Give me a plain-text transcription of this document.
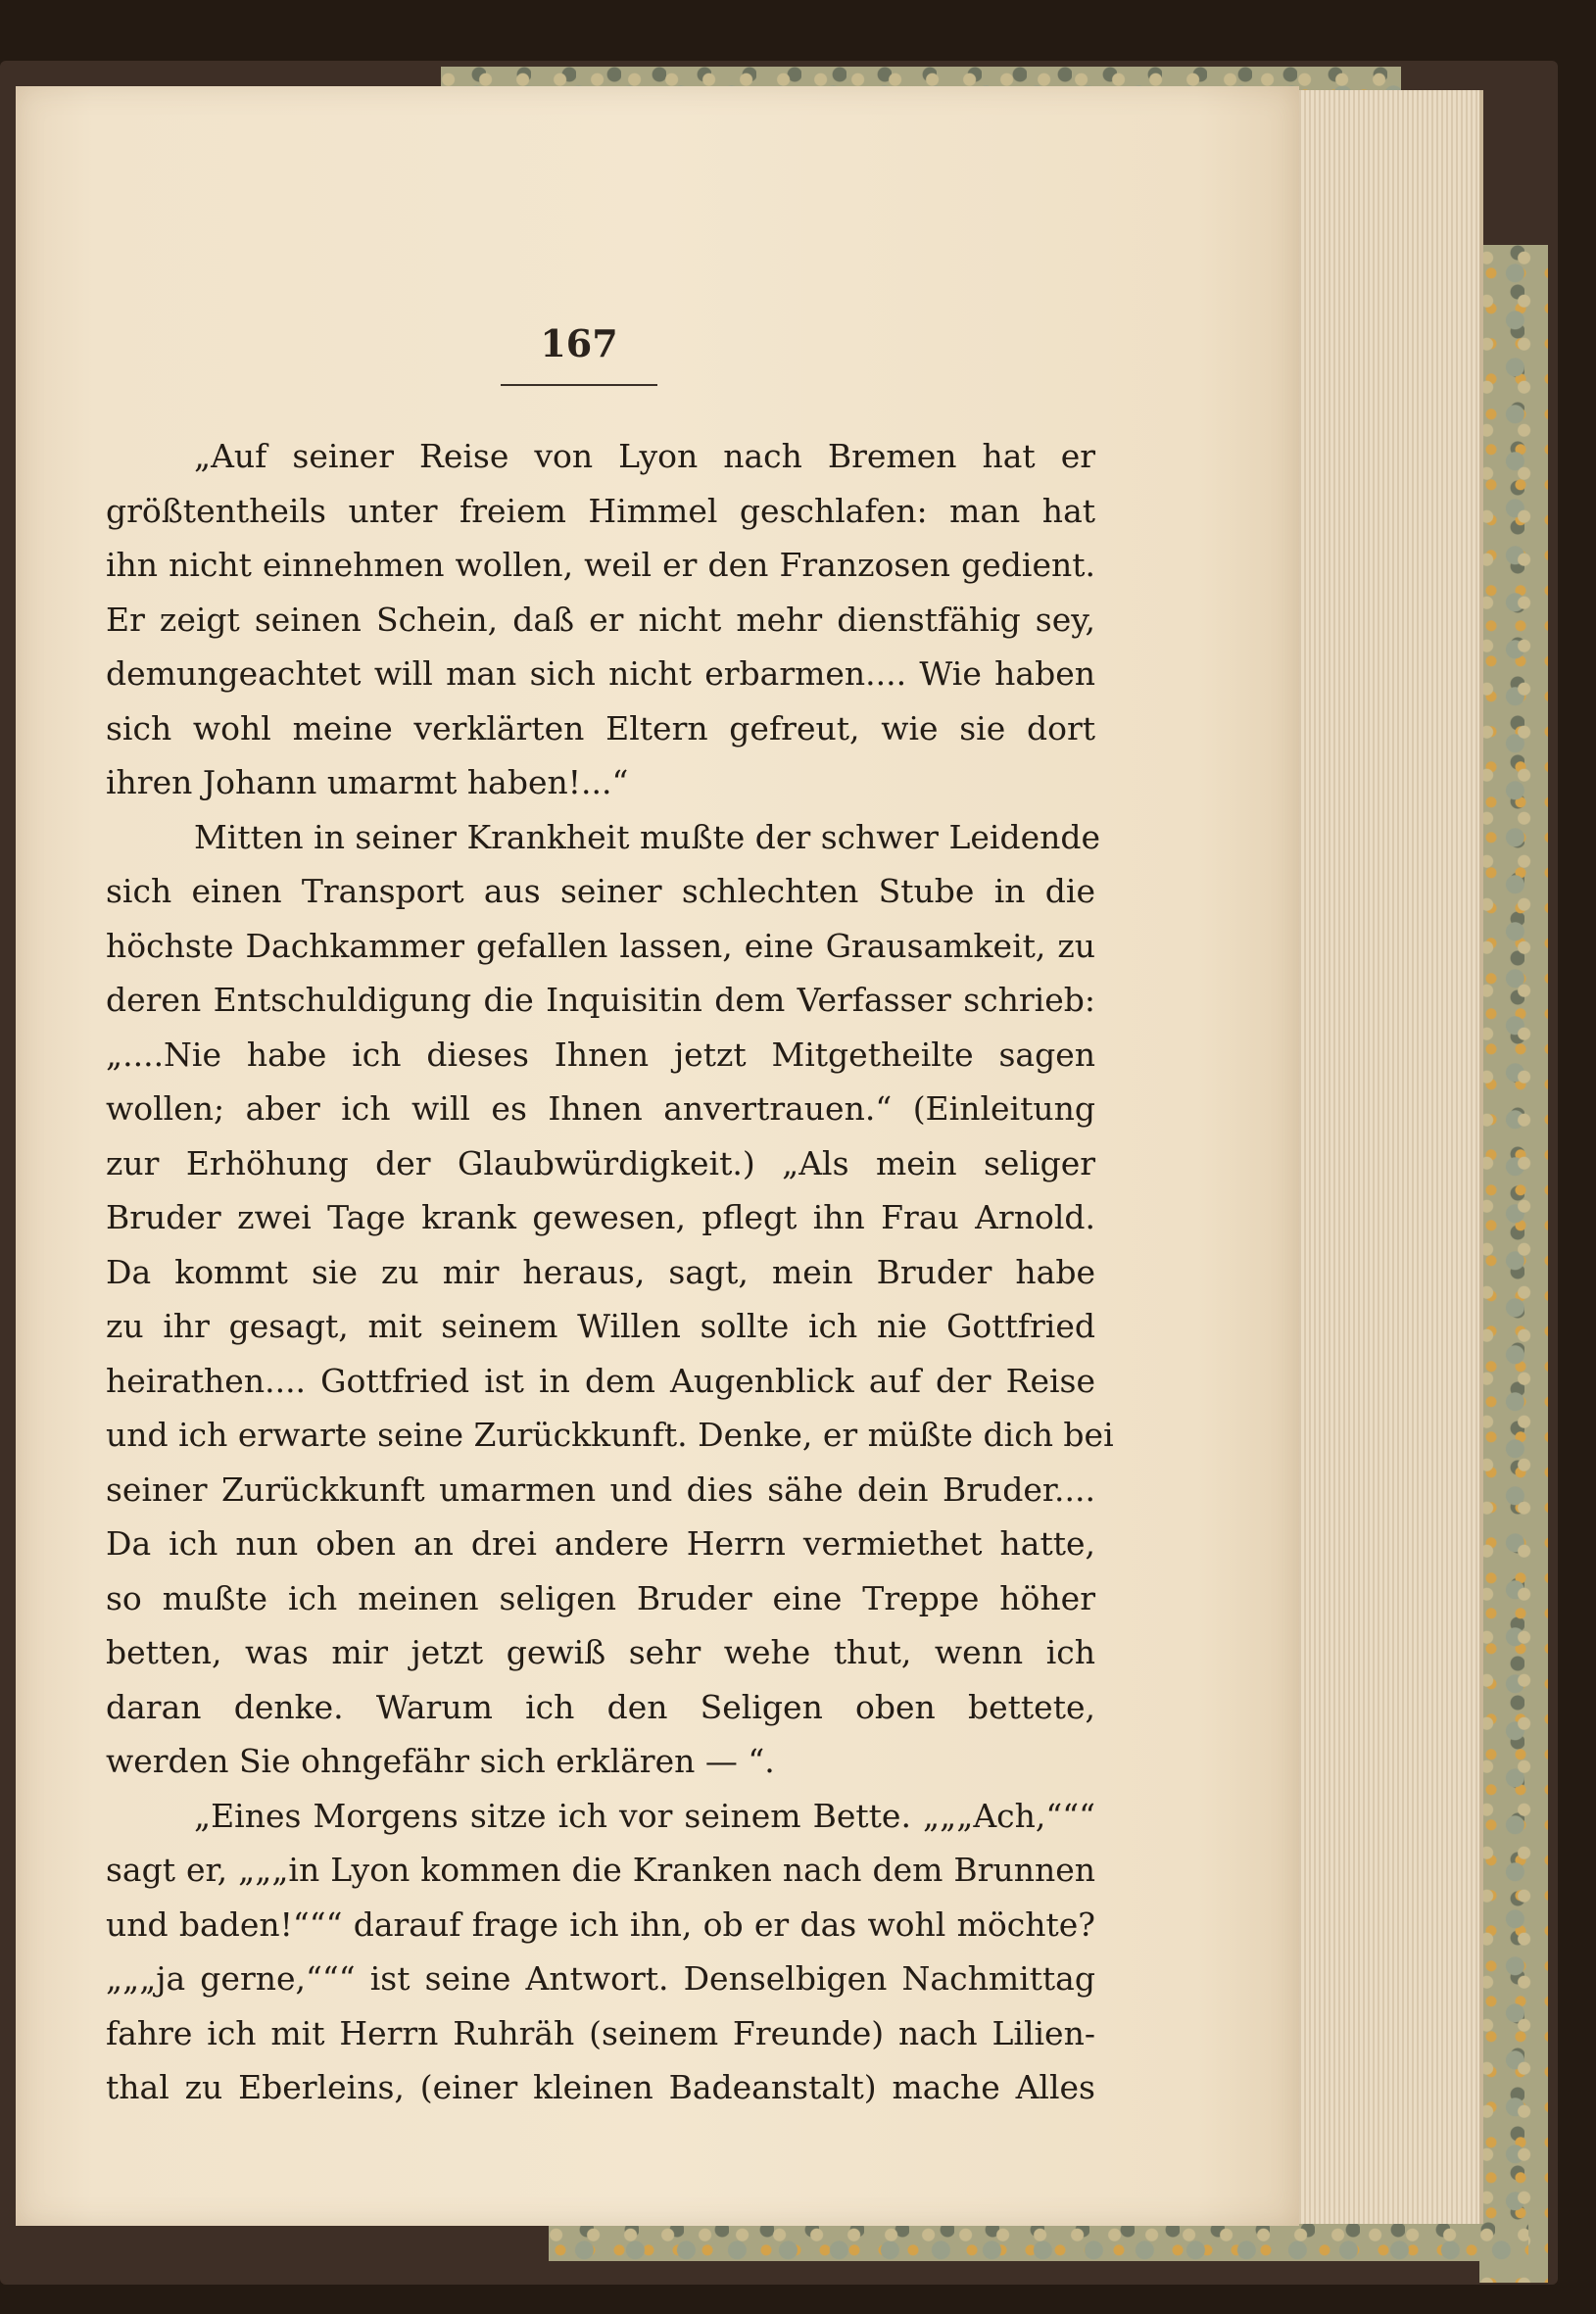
167
„Auf seiner Reise von Lyon nach Bremen hat er
größtentheils unter freiem Himmel geschlafen: man hat
ihn nicht einnehmen wollen, weil er den Franzosen gedient.
Er zeigt seinen Schein, daß er nicht mehr dienstfähig sey,
demungeachtet will man sich nicht erbarmen.... Wie haben
sich wohl meine verklärten Eltern gefreut, wie sie dort
ihren Johann umarmt haben!...“
Mitten in seiner Krankheit mußte der schwer Leidende
sich einen Transport aus seiner schlechten Stube in die
höchste Dachkammer gefallen lassen, eine Grausamkeit, zu
deren Entschuldigung die Inquisitin dem Verfasser schrieb:
„....Nie habe ich dieses Ihnen jetzt Mitgetheilte sagen
wollen; aber ich will es Ihnen anvertrauen.“ (Einleitung
zur Erhöhung der Glaubwürdigkeit.) „Als mein seliger
Bruder zwei Tage krank gewesen, pflegt ihn Frau Arnold.
Da kommt sie zu mir heraus, sagt, mein Bruder habe
zu ihr gesagt, mit seinem Willen sollte ich nie Gottfried
heirathen.... Gottfried ist in dem Augenblick auf der Reise
und ich erwarte seine Zurückkunft. Denke, er müßte dich bei
seiner Zurückkunft umarmen und dies sähe dein Bruder....
Da ich nun oben an drei andere Herrn vermiethet hatte,
so mußte ich meinen seligen Bruder eine Treppe höher
betten, was mir jetzt gewiß sehr wehe thut, wenn ich
daran denke. Warum ich den Seligen oben bettete,
werden Sie ohngefähr sich erklären — “.
„Eines Morgens sitze ich vor seinem Bette. „„„Ach,“““
sagt er, „„„in Lyon kommen die Kranken nach dem Brunnen
und baden!“““ darauf frage ich ihn, ob er das wohl möchte?
„„„ja gerne,“““ ist seine Antwort. Denselbigen Nachmittag
fahre ich mit Herrn Ruhräh (seinem Freunde) nach Lilien-
thal zu Eberleins, (einer kleinen Badeanstalt) mache Alles
